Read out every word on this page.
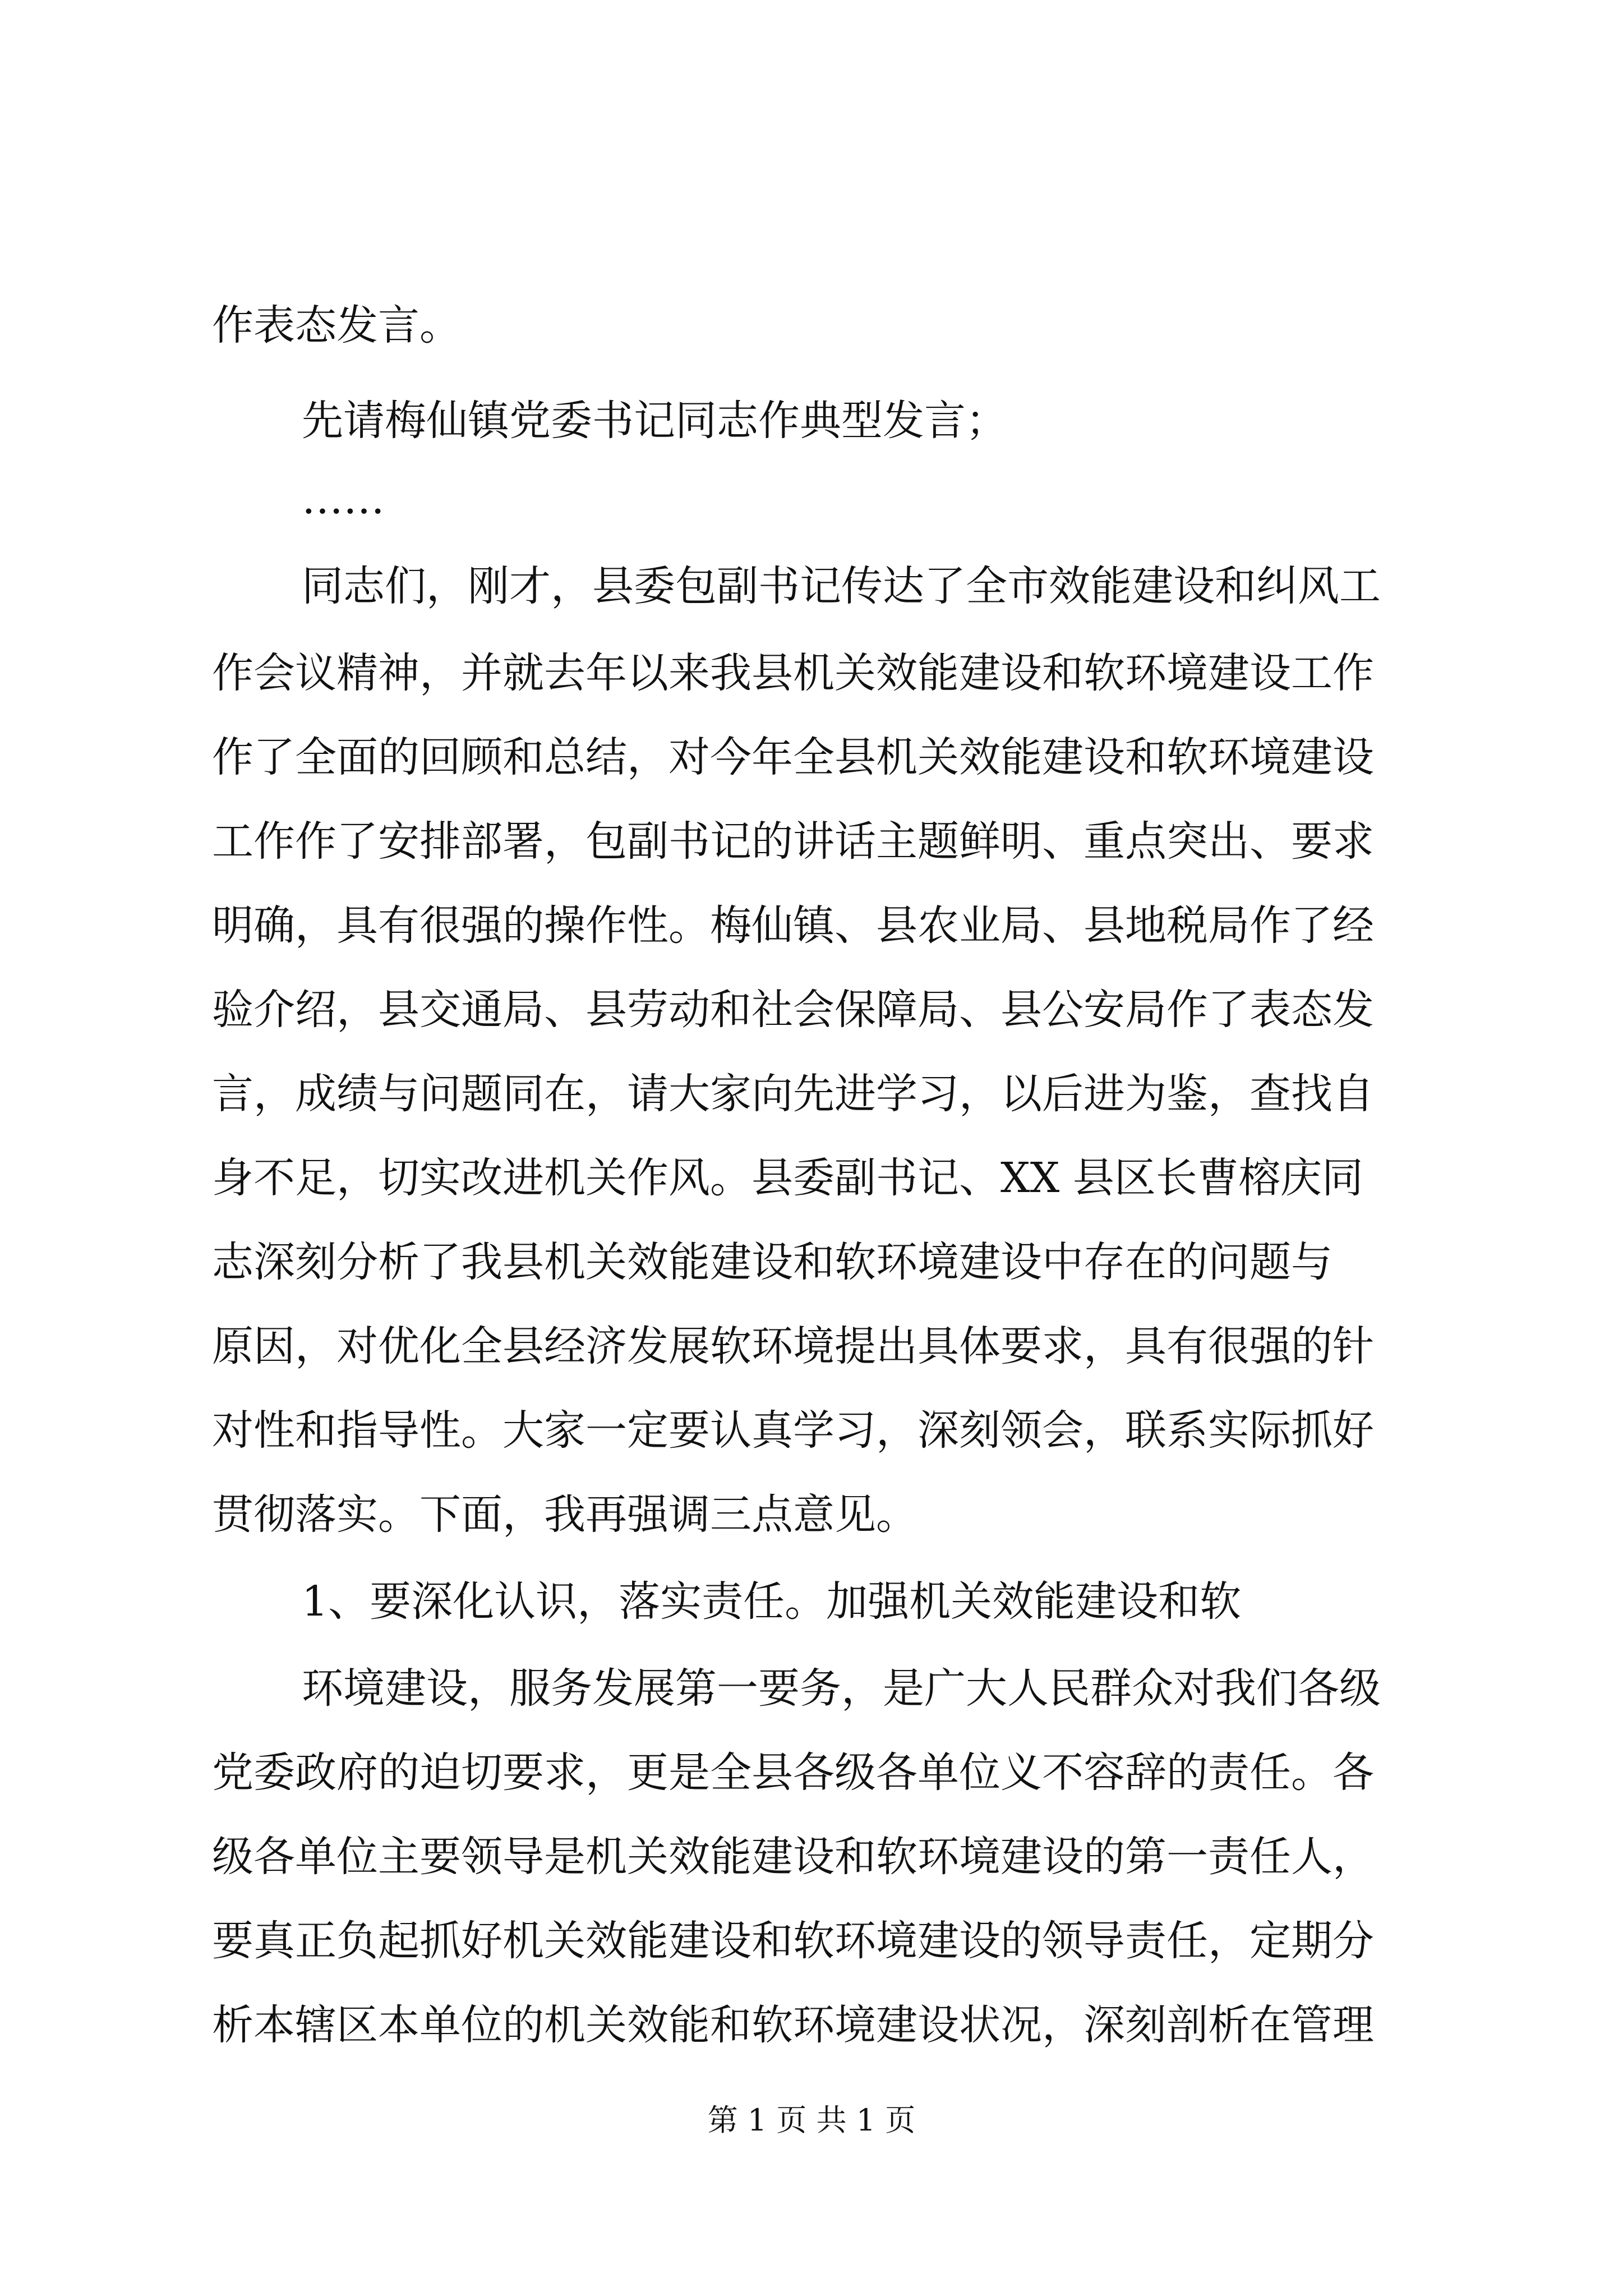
作表态发言。
先请梅仙镇党委书记同志作典型发言；
……
同志们，刚才，县委包副书记传达了全市效能建设和纠风工
作会议精神，并就去年以来我县机关效能建设和软环境建设工作
作了全面的回顾和总结，对今年全县机关效能建设和软环境建设
工作作了安排部署，包副书记的讲话主题鲜明、重点突出、要求
明确，具有很强的操作性。梅仙镇、县农业局、县地税局作了经
验介绍，县交通局、县劳动和社会保障局、县公安局作了表态发
言，成绩与问题同在，请大家向先进学习，以后进为鉴，查找自
身不足，切实改进机关作风。县委副书记、XX 县区长曹榕庆同
志深刻分析了我县机关效能建设和软环境建设中存在的问题与
原因，对优化全县经济发展软环境提出具体要求，具有很强的针
对性和指导性。大家一定要认真学习，深刻领会，联系实际抓好
贯彻落实。下面，我再强调三点意见。
1、要深化认识，落实责任。加强机关效能建设和软
环境建设，服务发展第一要务，是广大人民群众对我们各级
党委政府的迫切要求，更是全县各级各单位义不容辞的责任。各
级各单位主要领导是机关效能建设和软环境建设的第一责任人，
要真正负起抓好机关效能建设和软环境建设的领导责任，定期分
析本辖区本单位的机关效能和软环境建设状况，深刻剖析在管理
第 1 页 共 1 页
